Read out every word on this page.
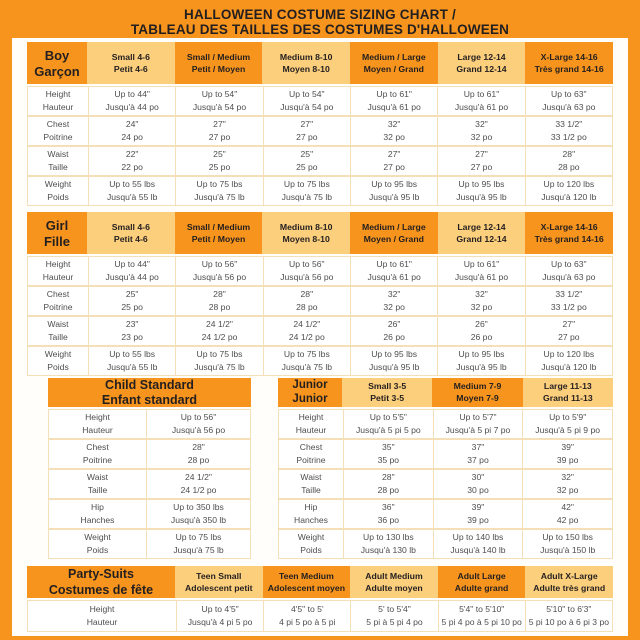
HALLOWEEN COSTUME SIZING CHART /
TABLEAU DES TAILLES DES COSTUMES D'HALLOWEEN
Boy
Garçon
Small 4-6
Petit 4-6
Small / Medium
Petit / Moyen
Medium 8-10
Moyen 8-10
Medium / Large
Moyen / Grand
Large 12-14
Grand 12-14
X-Large 14-16
Très grand 14-16
Height
Hauteur
Up to 44"
Jusqu'à 44 po
Up to 54"
Jusqu'à 54 po
Up to 54"
Jusqu'à 54 po
Up to 61"
Jusqu'à 61 po
Up to 61"
Jusqu'à 61 po
Up to 63"
Jusqu'à 63 po
Chest
Poitrine
24"
24 po
27"
27 po
27"
27 po
32"
32 po
32"
32 po
33 1/2"
33 1/2 po
Waist
Taille
22"
22 po
25"
25 po
25"
25 po
27"
27 po
27"
27 po
28"
28 po
Weight
Poids
Up to 55 lbs
Jusqu'à 55 lb
Up to 75 lbs
Jusqu'à 75 lb
Up to 75 lbs
Jusqu'à 75 lb
Up to 95 lbs
Jusqu'à 95 lb
Up to 95 lbs
Jusqu'à 95 lb
Up to 120 lbs
Jusqu'à 120 lb
Girl
Fille
Small 4-6
Petit 4-6
Small / Medium
Petit / Moyen
Medium 8-10
Moyen 8-10
Medium / Large
Moyen / Grand
Large 12-14
Grand 12-14
X-Large 14-16
Très grand 14-16
Height
Hauteur
Up to 44"
Jusqu'à 44 po
Up to 56"
Jusqu'à 56 po
Up to 56"
Jusqu'à 56 po
Up to 61"
Jusqu'à 61 po
Up to 61"
Jusqu'à 61 po
Up to 63"
Jusqu'à 63 po
Chest
Poitrine
25"
25 po
28"
28 po
28"
28 po
32"
32 po
32"
32 po
33 1/2"
33 1/2 po
Waist
Taille
23"
23 po
24 1/2"
24 1/2 po
24 1/2"
24 1/2 po
26"
26 po
26"
26 po
27"
27 po
Weight
Poids
Up to 55 lbs
Jusqu'à 55 lb
Up to 75 lbs
Jusqu'à 75 lb
Up to 75 lbs
Jusqu'à 75 lb
Up to 95 lbs
Jusqu'à 95 lb
Up to 95 lbs
Jusqu'à 95 lb
Up to 120 lbs
Jusqu'à 120 lb
Child Standard
Enfant standard
Height
Hauteur
Up to 56"
Jusqu'à 56 po
Chest
Poitrine
28"
28 po
Waist
Taille
24 1/2"
24 1/2 po
Hip
Hanches
Up to 350 lbs
Jusqu'à 350 lb
Weight
Poids
Up to 75 lbs
Jusqu'à 75 lb
Junior
Junior
Small 3-5
Petit 3-5
Medium 7-9
Moyen 7-9
Large 11-13
Grand 11-13
Height
Hauteur
Up to 5'5"
Jusqu'à 5 pi 5 po
Up to 5'7"
Jusqu'à 5 pi 7 po
Up to 5'9"
Jusqu'à 5 pi 9 po
Chest
Poitrine
35"
35 po
37"
37 po
39"
39 po
Waist
Taille
28"
28 po
30"
30 po
32"
32 po
Hip
Hanches
36"
36 po
39"
39 po
42"
42 po
Weight
Poids
Up to 130 lbs
Jusqu'à 130 lb
Up to 140 lbs
Jusqu'à 140 lb
Up to 150 lbs
Jusqu'à 150 lb
Party-Suits
Costumes de fête
Teen Small
Adolescent petit
Teen Medium
Adolescent moyen
Adult Medium
Adulte moyen
Adult Large
Adulte grand
Adult X-Large
Adulte très grand
Height
Hauteur
Up to 4'5"
Jusqu'à 4 pi 5 po
4'5" to 5'
4 pi 5 po à 5 pi
5' to 5'4"
5 pi à 5 pi 4 po
5'4" to 5'10"
5 pi 4 po à 5 pi 10 po
5'10" to 6'3"
5 pi 10 po à 6 pi 3 po
